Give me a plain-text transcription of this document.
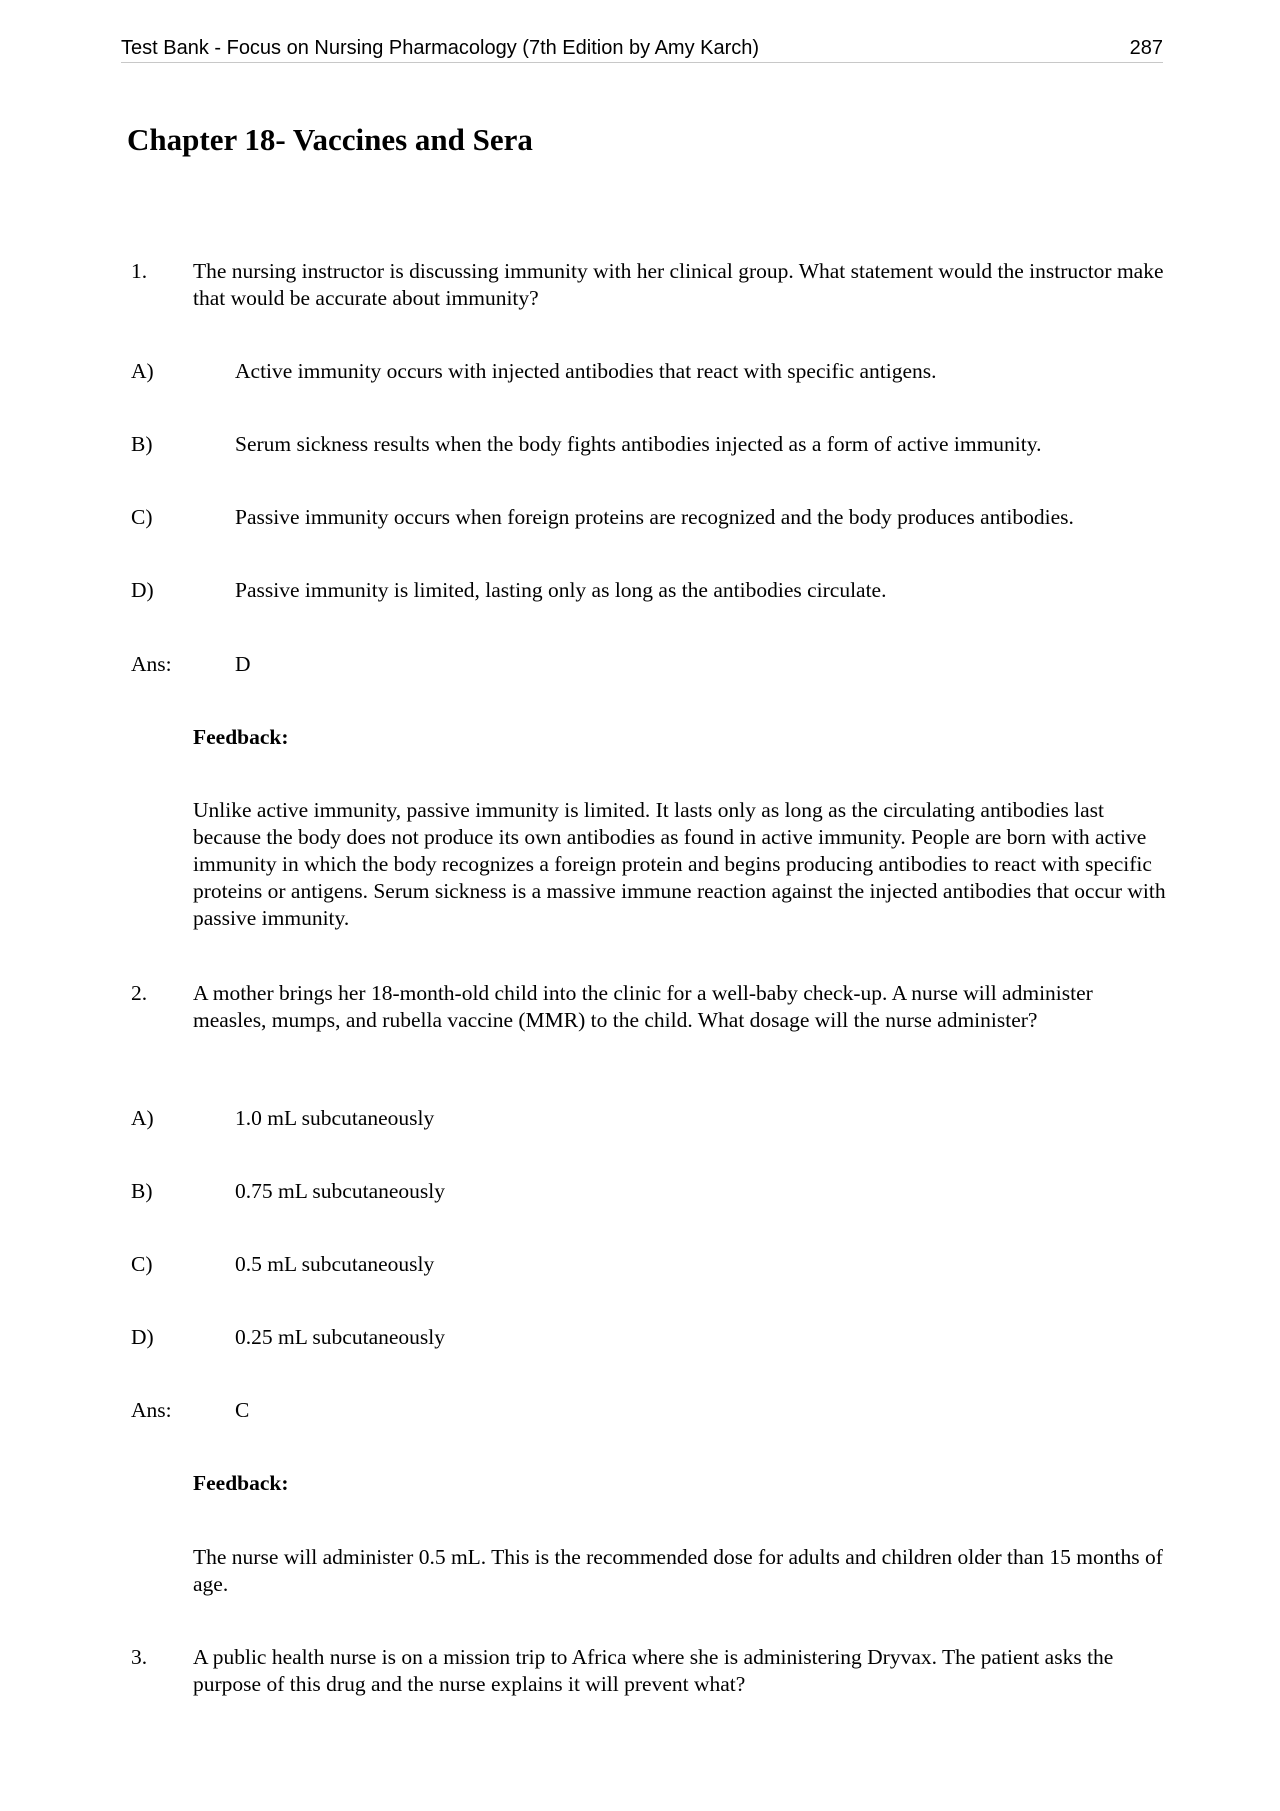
Test Bank - Focus on Nursing Pharmacology (7th Edition by Amy Karch)	287
Chapter 18- Vaccines and Sera
1. The nursing instructor is discussing immunity with her clinical group. What statement would the instructor make that would be accurate about immunity?
A)	Active immunity occurs with injected antibodies that react with specific antigens.
B)	Serum sickness results when the body fights antibodies injected as a form of active immunity.
C)	Passive immunity occurs when foreign proteins are recognized and the body produces antibodies.
D)	Passive immunity is limited, lasting only as long as the antibodies circulate.
Ans:	D
Feedback:
Unlike active immunity, passive immunity is limited. It lasts only as long as the circulating antibodies last because the body does not produce its own antibodies as found in active immunity. People are born with active immunity in which the body recognizes a foreign protein and begins producing antibodies to react with specific proteins or antigens. Serum sickness is a massive immune reaction against the injected antibodies that occur with passive immunity.
2. A mother brings her 18-month-old child into the clinic for a well-baby check-up. A nurse will administer measles, mumps, and rubella vaccine (MMR) to the child. What dosage will the nurse administer?
A)	1.0 mL subcutaneously
B)	0.75 mL subcutaneously
C)	0.5 mL subcutaneously
D)	0.25 mL subcutaneously
Ans:	C
Feedback:
The nurse will administer 0.5 mL. This is the recommended dose for adults and children older than 15 months of age.
3. A public health nurse is on a mission trip to Africa where she is administering Dryvax. The patient asks the purpose of this drug and the nurse explains it will prevent what?
